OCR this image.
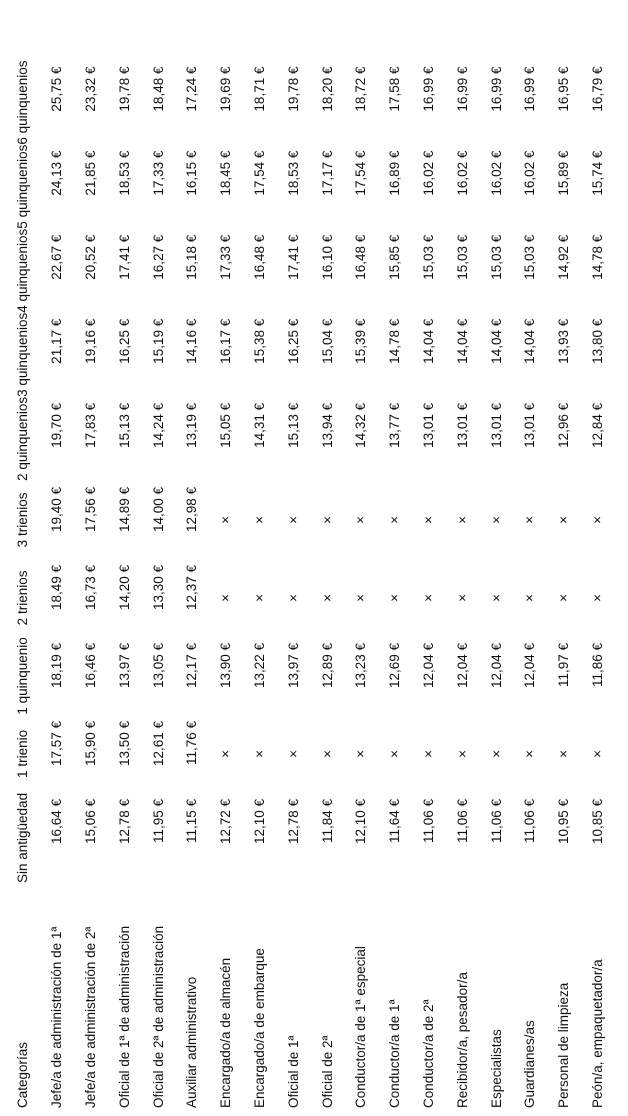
Categorías	Sin antigüedad	1 trienio	1 quinquenio	2 trienios	3 trienios	2 quinquenios	3 quinquenios	4 quinquenios	5 quinquenios	6 quinquenios
Jefe/a de administración de 1ª	16,64 €	17,57 €	18,19 €	18,49 €	19,40 €	19,70 €	21,17 €	22,67 €	24,13 €	25,75 €
Jefe/a de administración de 2ª	15,06 €	15,90 €	16,46 €	16,73 €	17,56 €	17,83 €	19,16 €	20,52 €	21,85 €	23,32 €
Oficial de 1ª de administración	12,78 €	13,50 €	13,97 €	14,20 €	14,89 €	15,13 €	16,25 €	17,41 €	18,53 €	19,78 €
Oficial de 2ª de administración	11,95 €	12,61 €	13,05 €	13,30 €	14,00 €	14,24 €	15,19 €	16,27 €	17,33 €	18,48 €
Auxiliar administrativo	11,15 €	11,76 €	12,17 €	12,37 €	12,98 €	13,19 €	14,16 €	15,18 €	16,15 €	17,24 €
Encargado/a de almacén	12,72 €	×	13,90 €	×	×	15,05 €	16,17 €	17,33 €	18,45 €	19,69 €
Encargado/a de embarque	12,10 €	×	13,22 €	×	×	14,31 €	15,38 €	16,48 €	17,54 €	18,71 €
Oficial de 1ª	12,78 €	×	13,97 €	×	×	15,13 €	16,25 €	17,41 €	18,53 €	19,78 €
Oficial de 2ª	11,84 €	×	12,89 €	×	×	13,94 €	15,04 €	16,10 €	17,17 €	18,20 €
Conductor/a de 1ª especial	12,10 €	×	13,23 €	×	×	14,32 €	15,39 €	16,48 €	17,54 €	18,72 €
Conductor/a de 1ª	11,64 €	×	12,69 €	×	×	13,77 €	14,78 €	15,85 €	16,89 €	17,58 €
Conductor/a de 2ª	11,06 €	×	12,04 €	×	×	13,01 €	14,04 €	15,03 €	16,02 €	16,99 €
Recibidor/a, pesador/a	11,06 €	×	12,04 €	×	×	13,01 €	14,04 €	15,03 €	16,02 €	16,99 €
Especialistas	11,06 €	×	12,04 €	×	×	13,01 €	14,04 €	15,03 €	16,02 €	16,99 €
Guardianes/as	11,06 €	×	12,04 €	×	×	13,01 €	14,04 €	15,03 €	16,02 €	16,99 €
Personal de limpieza	10,95 €	×	11,97 €	×	×	12,96 €	13,93 €	14,92 €	15,89 €	16,95 €
Peón/a, empaquetador/a	10,85 €	×	11,86 €	×	×	12,84 €	13,80 €	14,78 €	15,74 €	16,79 €
